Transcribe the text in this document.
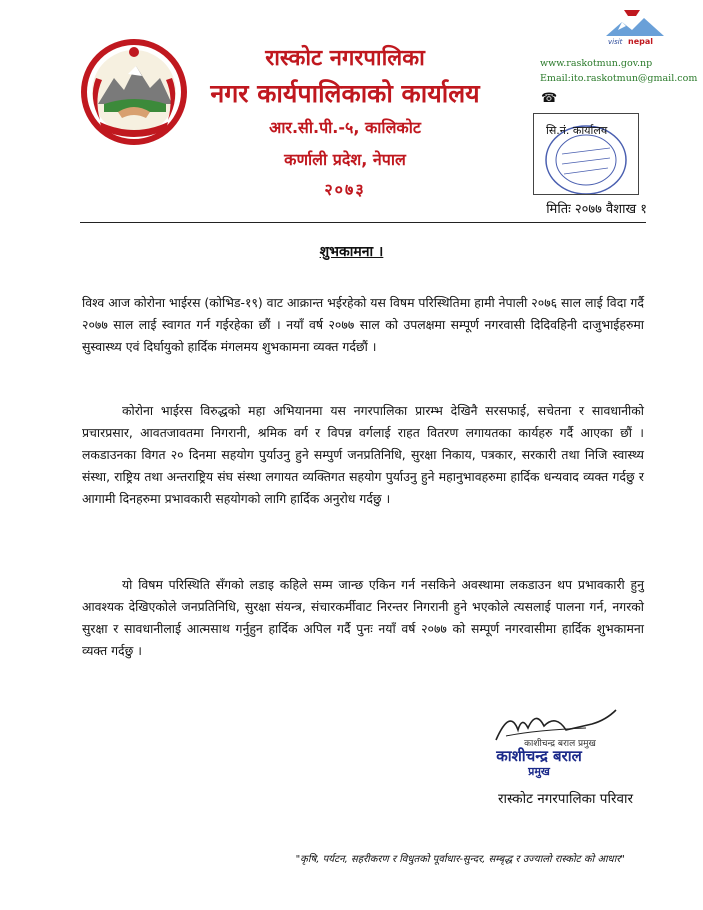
रास्कोट नगरपालिका
नगर कार्यपालिकाको कार्यालय
आर.सी.पी.-५, कालिकोट
कर्णाली प्रदेश, नेपाल
२०७३
visit nepal
www.raskotmun.gov.np
Email:ito.raskotmun@gmail.com
☎
सि.नं. कार्यालय
मितिः २०७७ वैशाख १
शुभकामना ।
विश्व आज कोरोना भाईरस (कोभिड-१९) वाट आक्रान्त भईरहेको यस विषम परिस्थितिमा हामी नेपाली २०७६ साल लाई विदा गर्दै २०७७ साल लाई स्वागत गर्न गईरहेका छौं । नयाँ वर्ष २०७७ साल को उपलक्षमा सम्पूर्ण नगरवासी दिदिवहिनी दाजुभाईहरुमा सुस्वास्थ्य एवं दिर्घायुको हार्दिक मंगलमय शुभकामना व्यक्त गर्दछौं ।
कोरोना भाईरस विरुद्धको महा अभियानमा यस नगरपालिका प्रारम्भ देखिनै सरसफाई, सचेतना र सावधानीको प्रचारप्रसार, आवतजावतमा निगरानी, श्रमिक वर्ग र विपन्न वर्गलाई राहत वितरण लगायतका कार्यहरु गर्दै आएका छौं । लकडाउनका विगत २० दिनमा सहयोग पुर्याउनु हुने सम्पुर्ण जनप्रतिनिधि, सुरक्षा निकाय, पत्रकार, सरकारी तथा निजि स्वास्थ्य संस्था, राष्ट्रिय तथा अन्तराष्ट्रिय संघ संस्था लगायत व्यक्तिगत सहयोग पुर्याउनु हुने महानुभावहरुमा हार्दिक धन्यवाद व्यक्त गर्दछु र आगामी दिनहरुमा प्रभावकारी सहयोगको लागि हार्दिक अनुरोध गर्दछु ।
यो विषम परिस्थिति सँगको लडाइ कहिले सम्म जान्छ एकिन गर्न नसकिने अवस्थामा लकडाउन थप प्रभावकारी हुनु आवश्यक देखिएकोले जनप्रतिनिधि, सुरक्षा संयन्त्र, संचारकर्मीवाट निरन्तर निगरानी हुने भएकोले त्यसलाई पालना गर्न, नगरको सुरक्षा र सावधानीलाई आत्मसाथ गर्नुहुन हार्दिक अपिल गर्दै पुनः नयाँ वर्ष २०७७ को सम्पूर्ण नगरवासीमा हार्दिक शुभकामना व्यक्त गर्दछु ।
काशीचन्द्र बराल प्रमुख
काशीचन्द्र बराल
प्रमुख
रास्कोट नगरपालिका परिवार
"कृषि, पर्यटन, सहरीकरण र विधुतको पूर्वाधार-सुन्दर, सम्बृद्ध र उज्यालो रास्कोट को आधार"
